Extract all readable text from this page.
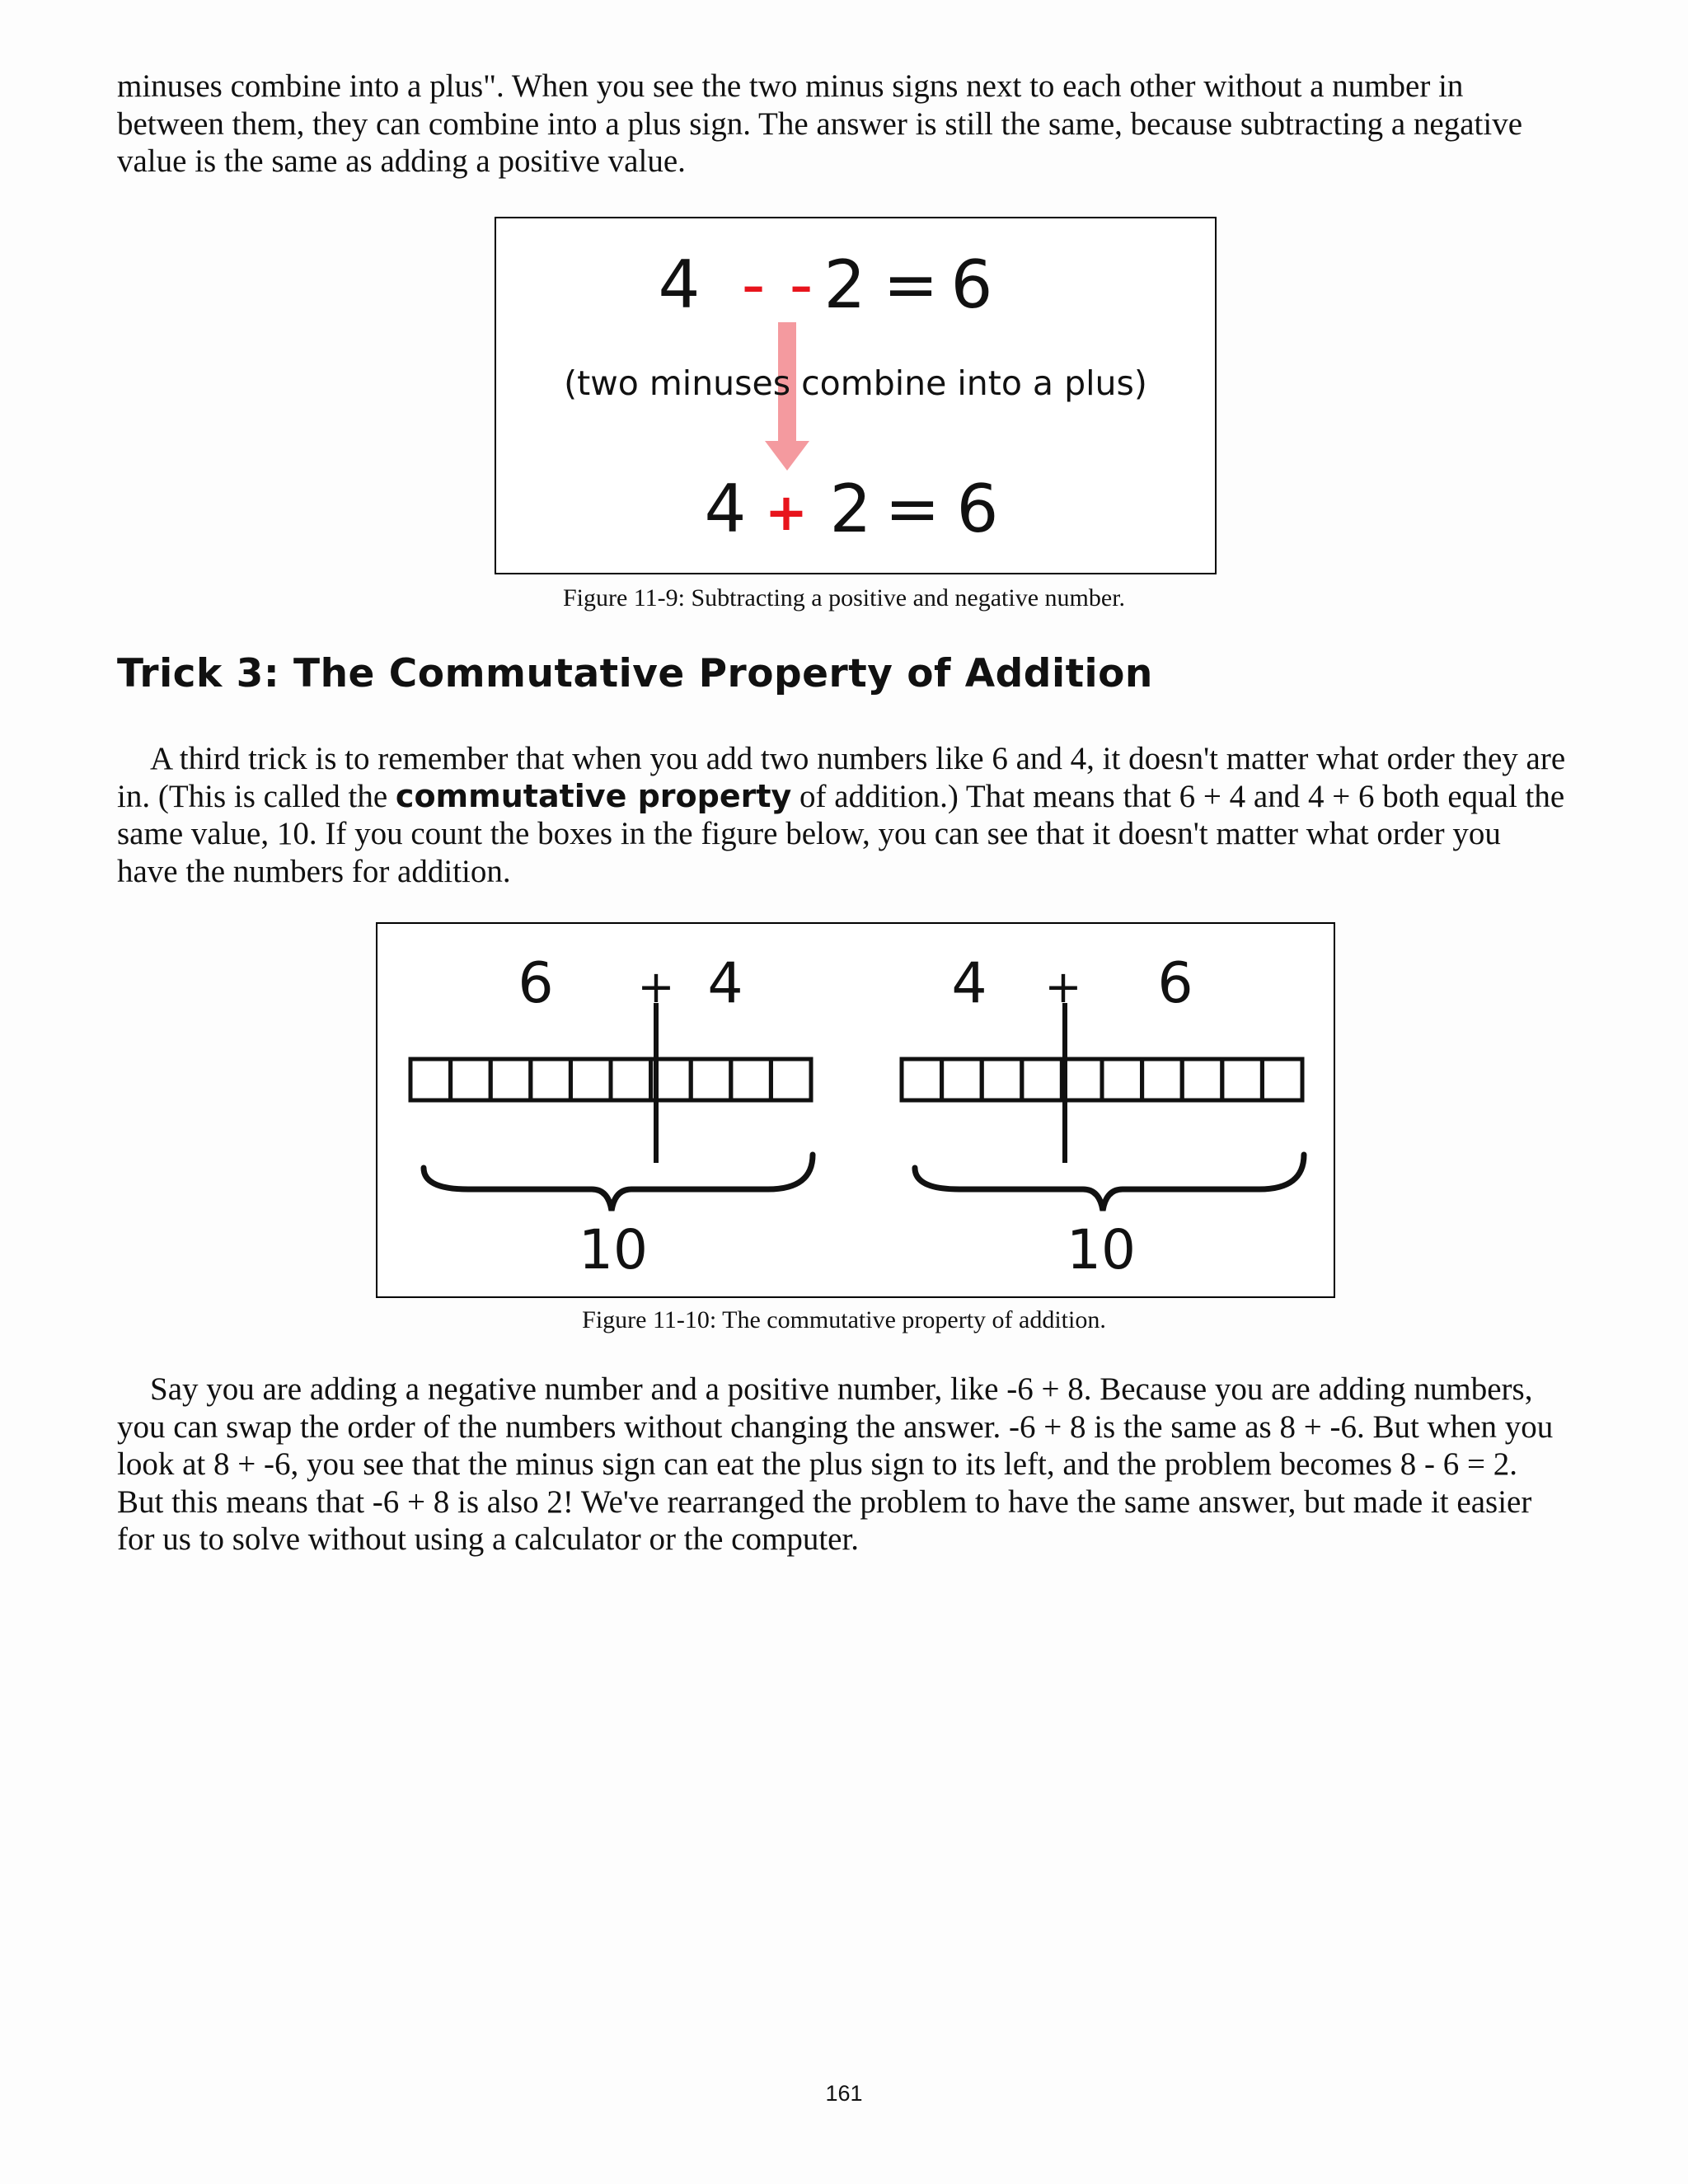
minuses combine into a plus". When you see the two minus signs next to each other without a number in between them, they can combine into a plus sign. The answer is still the same, because subtracting a negative value is the same as adding a positive value.

4 - - 2 = 6
(two minuses combine into a plus)
4 + 2 = 6

Figure 11-9: Subtracting a positive and negative number.

Trick 3: The Commutative Property of Addition

A third trick is to remember that when you add two numbers like 6 and 4, it doesn't matter what order they are in. (This is called the commutative property of addition.) That means that 6 + 4 and 4 + 6 both equal the same value, 10. If you count the boxes in the figure below, you can see that it doesn't matter what order you have the numbers for addition.

6 + 4
10
4 + 6
10

Figure 11-10: The commutative property of addition.

Say you are adding a negative number and a positive number, like -6 + 8. Because you are adding numbers, you can swap the order of the numbers without changing the answer. -6 + 8 is the same as 8 + -6. But when you look at 8 + -6, you see that the minus sign can eat the plus sign to its left, and the problem becomes 8 - 6 = 2. But this means that -6 + 8 is also 2! We've rearranged the problem to have the same answer, but made it easier for us to solve without using a calculator or the computer.

161
